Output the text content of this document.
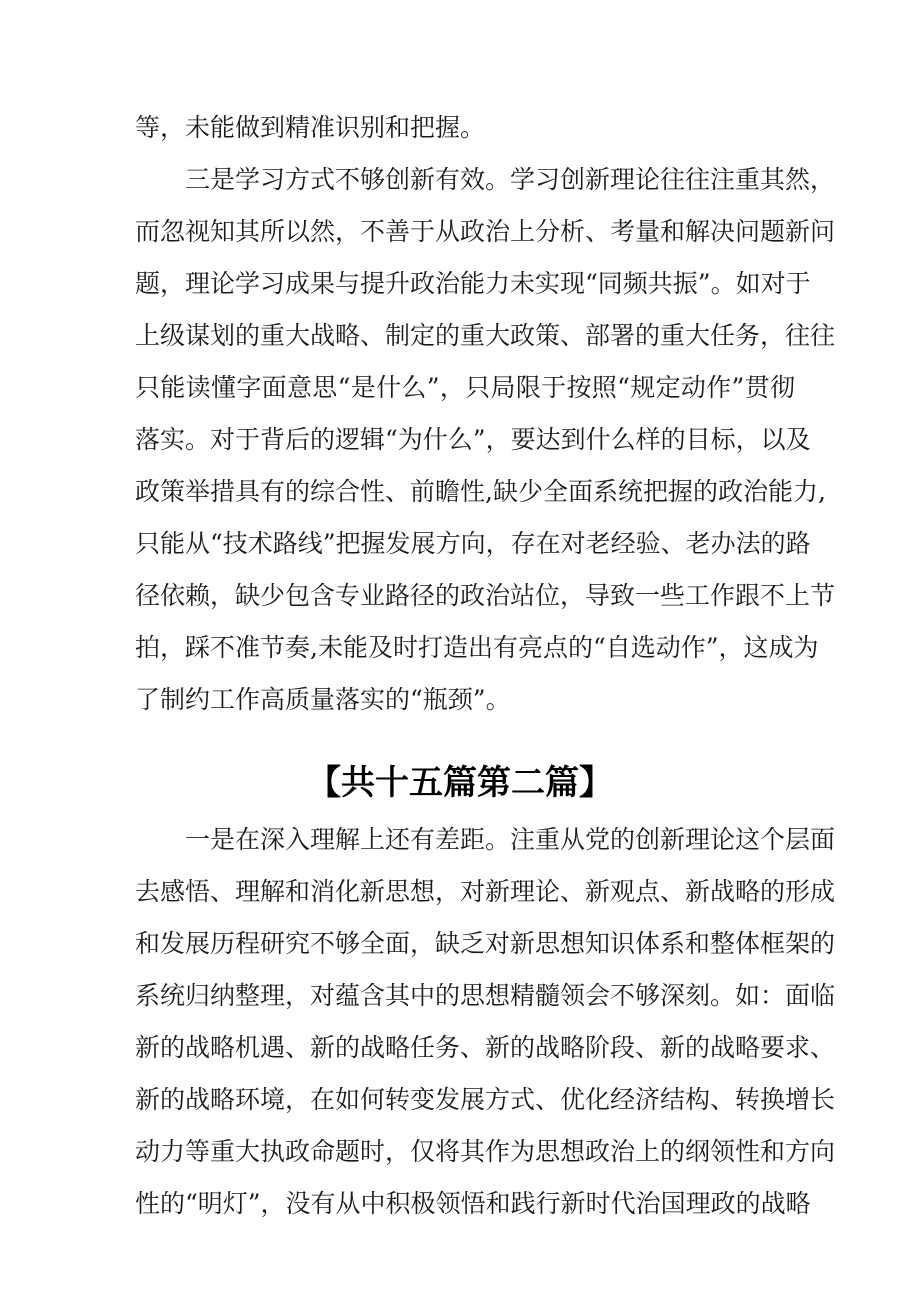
等，未能做到精准识别和把握。
　　三是学习方式不够创新有效。学习创新理论往往注重其然，
而忽视知其所以然，不善于从政治上分析、考量和解决问题新问
题，理论学习成果与提升政治能力未实现“同频共振”。如对于
上级谋划的重大战略、制定的重大政策、部署的重大任务，往往
只能读懂字面意思“是什么”，只局限于按照“规定动作”贯彻
落实。对于背后的逻辑“为什么”，要达到什么样的目标，以及
政策举措具有的综合性、前瞻性,缺少全面系统把握的政治能力,
只能从“技术路线”把握发展方向，存在对老经验、老办法的路
径依赖，缺少包含专业路径的政治站位，导致一些工作跟不上节
拍，踩不准节奏,未能及时打造出有亮点的“自选动作”，这成为
了制约工作高质量落实的“瓶颈”。
【共十五篇第二篇】
　　一是在深入理解上还有差距。注重从党的创新理论这个层面
去感悟、理解和消化新思想，对新理论、新观点、新战略的形成
和发展历程研究不够全面，缺乏对新思想知识体系和整体框架的
系统归纳整理，对蕴含其中的思想精髓领会不够深刻。如：面临
新的战略机遇、新的战略任务、新的战略阶段、新的战略要求、
新的战略环境，在如何转变发展方式、优化经济结构、转换增长
动力等重大执政命题时，仅将其作为思想政治上的纲领性和方向
性的“明灯”，没有从中积极领悟和践行新时代治国理政的战略
